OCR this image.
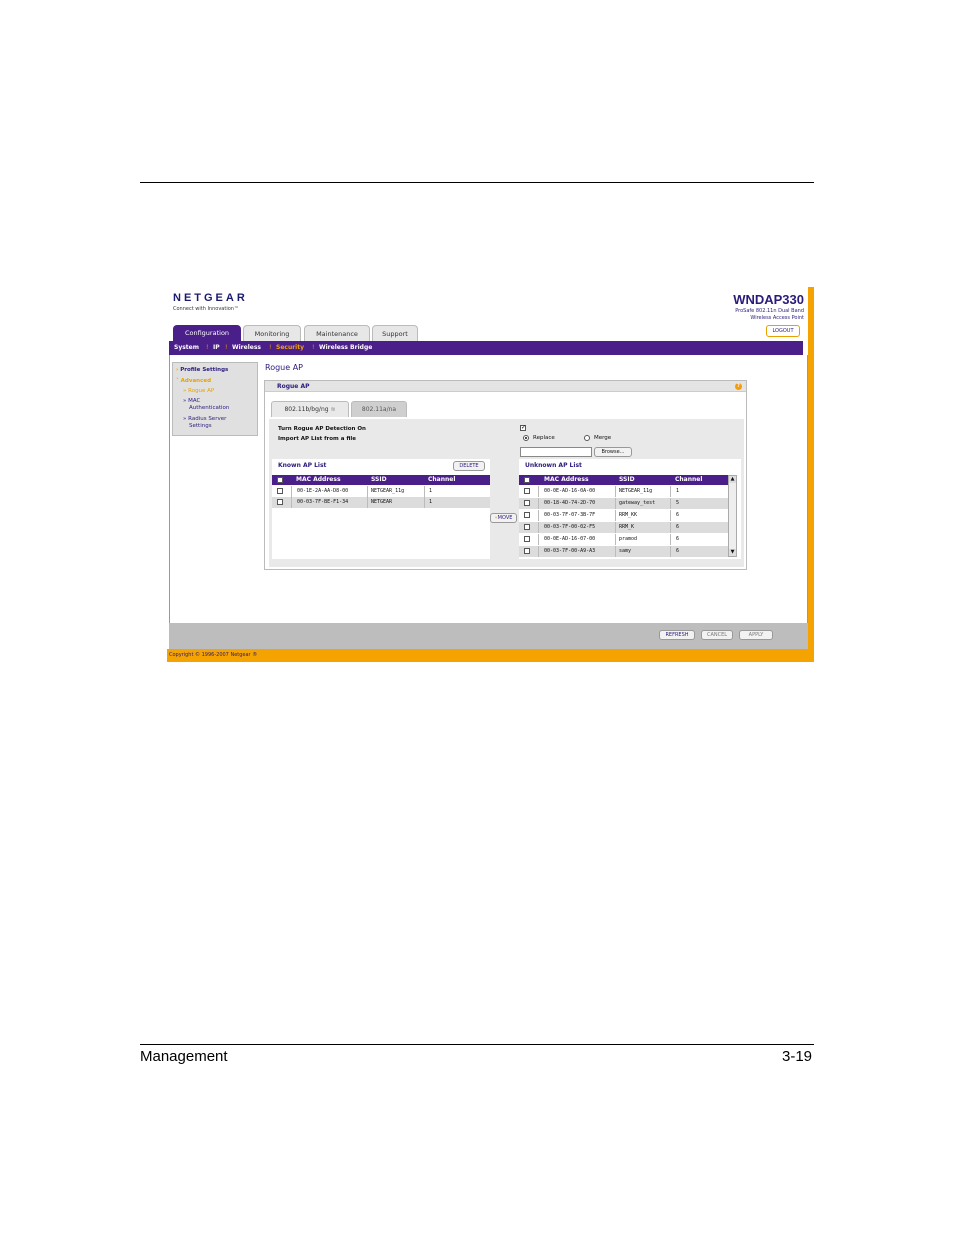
Management	3-19
NETGEAR
Connect with Innovation™
WNDAP330
ProSafe 802.11n Dual Band
Wireless Access Point
LOGOUT
Configuration	Monitoring	Maintenance	Support
System ! IP ! Wireless ! Security ! Wireless Bridge
› Profile Settings
˅ Advanced
» Rogue AP
» MAC
Authentication
» Radius Server
Settings
Rogue AP
Rogue AP	?
802.11b/bg/ng ≋	802.11a/na
Turn Rogue AP Detection On	✓
Import AP List from a file	Replace	Merge
Browse...
Known AP List	DELETE
MAC Address	SSID	Channel
00-1E-2A-AA-D8-00	NETGEAR_11g	1
00-03-7F-BE-F1-34	NETGEAR	1
«MOVE
Unknown AP List
MAC Address	SSID	Channel
00-0E-AD-16-0A-00	NETGEAR_11g	1
00-18-4D-74-2D-70	gateway_test	5
00-03-7F-07-3B-7F	RRM_KK	6
00-03-7F-00-02-F5	RRM_K	6
00-0E-AD-16-07-00	pramod	6
00-03-7F-00-A9-A3	samy	6
▲
▼
REFRESH	CANCEL	APPLY
Copyright © 1996-2007 Netgear ®
